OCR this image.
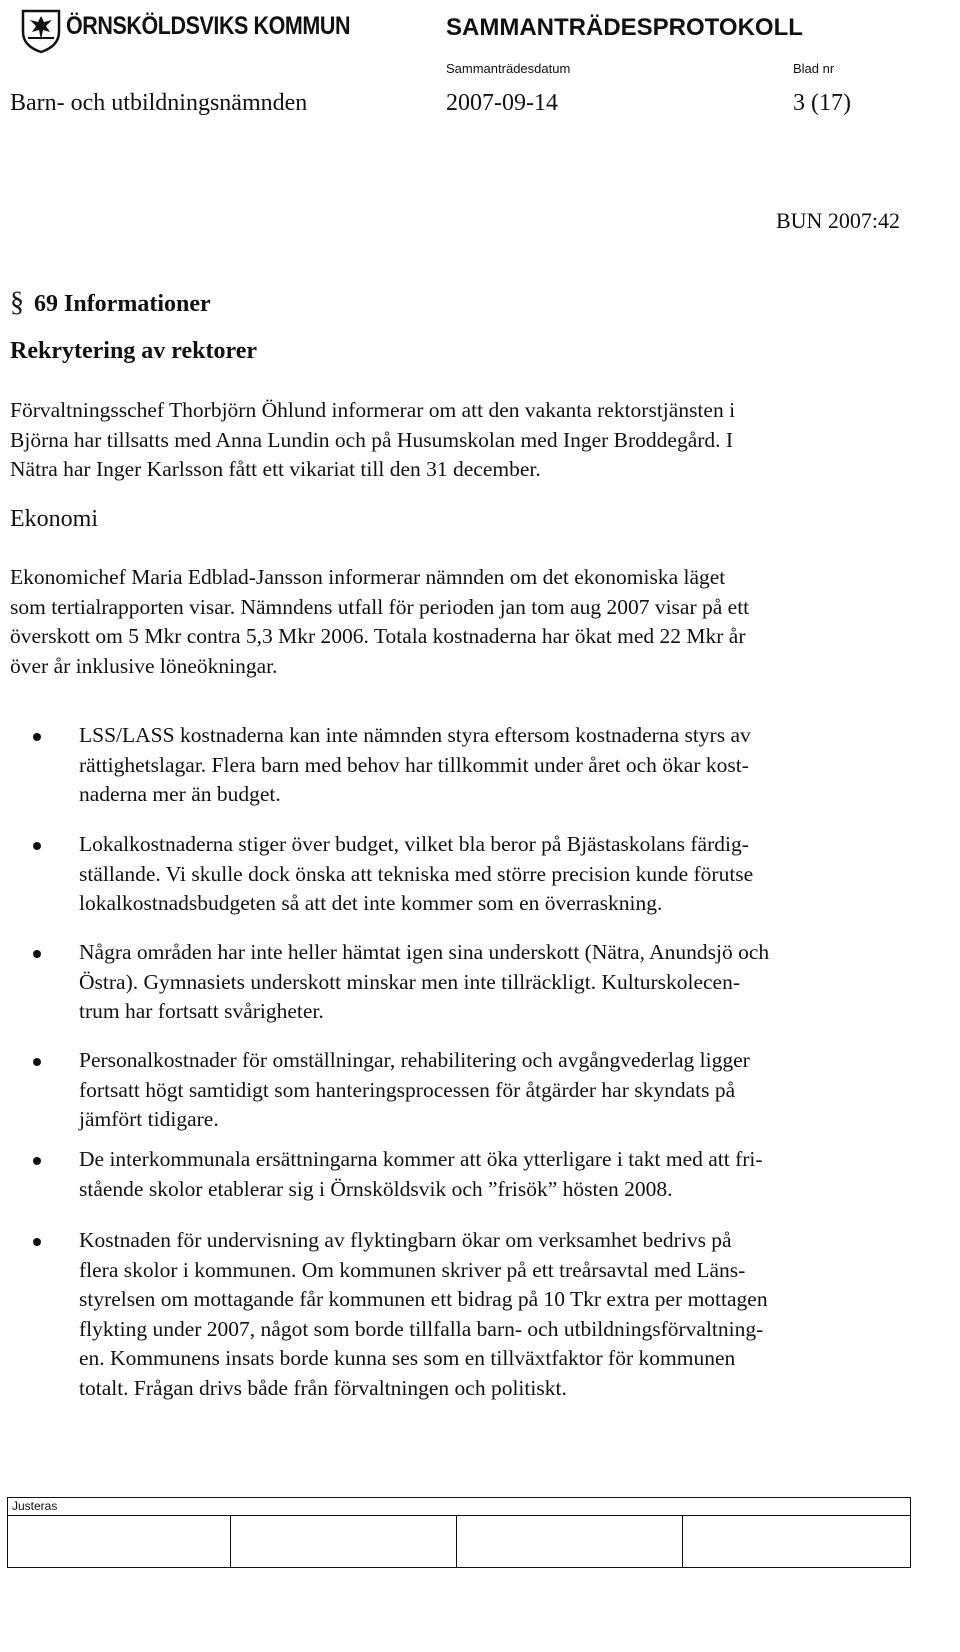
ÖRNSKÖLDSVIKS KOMMUN	SAMMANTRÄDESPROTOKOLL
Sammanträdesdatum	Blad nr
Barn- och utbildningsnämnden	2007-09-14	3 (17)
BUN 2007:42
§ 69 Informationer
Rekrytering av rektorer
Förvaltningsschef Thorbjörn Öhlund informerar om att den vakanta rektorstjänsten i
Björna har tillsatts med Anna Lundin och på Husumskolan med Inger Broddegård. I
Nätra har Inger Karlsson fått ett vikariat till den 31 december.
Ekonomi
Ekonomichef Maria Edblad-Jansson informerar nämnden om det ekonomiska läget
som tertialrapporten visar. Nämndens utfall för perioden jan tom aug 2007 visar på ett
överskott om 5 Mkr contra 5,3 Mkr 2006. Totala kostnaderna har ökat med 22 Mkr år
över år inklusive löneökningar.
LSS/LASS kostnaderna kan inte nämnden styra eftersom kostnaderna styrs av
rättighetslagar. Flera barn med behov har tillkommit under året och ökar kost-
naderna mer än budget.
Lokalkostnaderna stiger över budget, vilket bla beror på Bjästaskolans färdig-
ställande. Vi skulle dock önska att tekniska med större precision kunde förutse
lokalkostnadsbudgeten så att det inte kommer som en överraskning.
Några områden har inte heller hämtat igen sina underskott (Nätra, Anundsjö och
Östra). Gymnasiets underskott minskar men inte tillräckligt. Kulturskolecen-
trum har fortsatt svårigheter.
Personalkostnader för omställningar, rehabilitering och avgångvederlag ligger
fortsatt högt samtidigt som hanteringsprocessen för åtgärder har skyndats på
jämfört tidigare.
De interkommunala ersättningarna kommer att öka ytterligare i takt med att fri-
stående skolor etablerar sig i Örnsköldsvik och ”frisök” hösten 2008.
Kostnaden för undervisning av flyktingbarn ökar om verksamhet bedrivs på
flera skolor i kommunen. Om kommunen skriver på ett treårsavtal med Läns-
styrelsen om mottagande får kommunen ett bidrag på 10 Tkr extra per mottagen
flykting under 2007, något som borde tillfalla barn- och utbildningsförvaltning-
en. Kommunens insats borde kunna ses som en tillväxtfaktor för kommunen
totalt. Frågan drivs både från förvaltningen och politiskt.
Justeras
